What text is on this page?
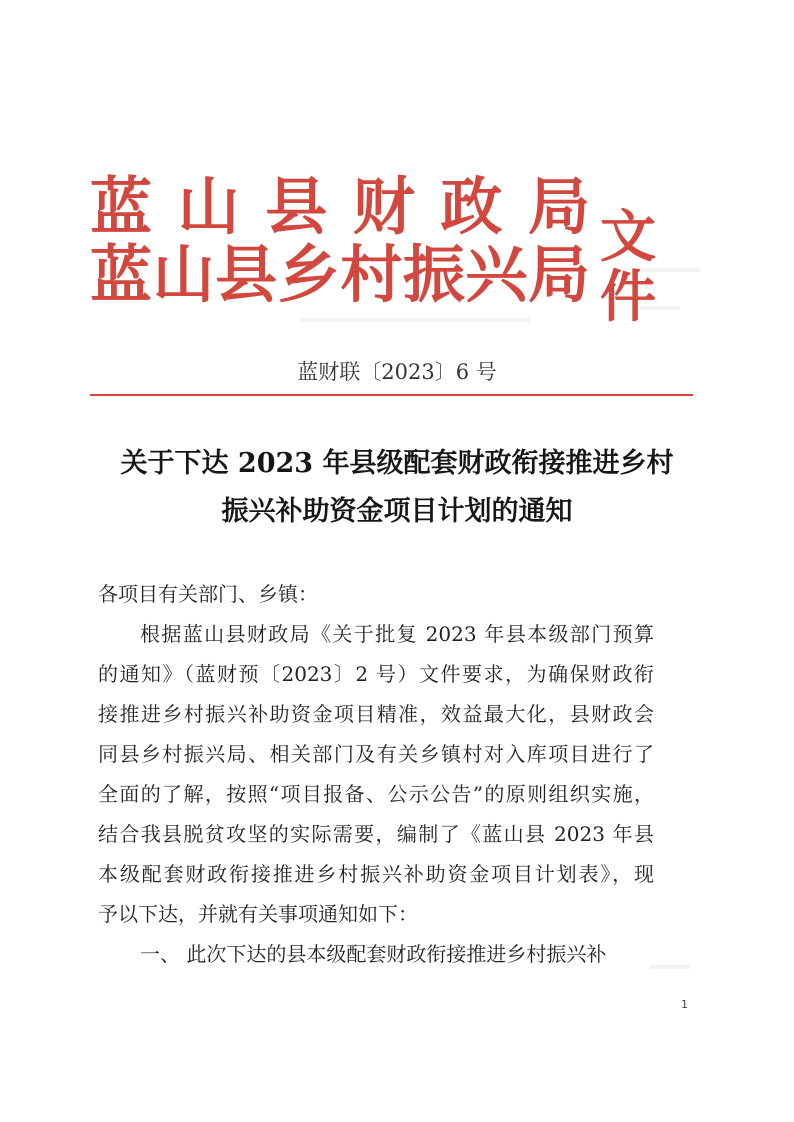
蓝 山 县 财 政 局
蓝 山 县 乡 村 振 兴 局
文件
蓝财联〔2023〕6 号
关于下达 2023 年县级配套财政衔接推进乡村
振兴补助资金项目计划的通知

各项目有关部门、乡镇：

根据蓝山县财政局《关于批复 2023 年县本级部门预算

的通知》（蓝财预〔2023〕2 号）文件要求，为确保财政衔

接推进乡村振兴补助资金项目精准，效益最大化，县财政会

同县乡村振兴局、相关部门及有关乡镇村对入库项目进行了

全面的了解，按照“项目报备、公示公告”的原则组织实施，

结合我县脱贫攻坚的实际需要，编制了《蓝山县 2023 年县

本级配套财政衔接推进乡村振兴补助资金项目计划表》，现

予以下达，并就有关事项通知如下：

一、 此次下达的县本级配套财政衔接推进乡村振兴补

1
